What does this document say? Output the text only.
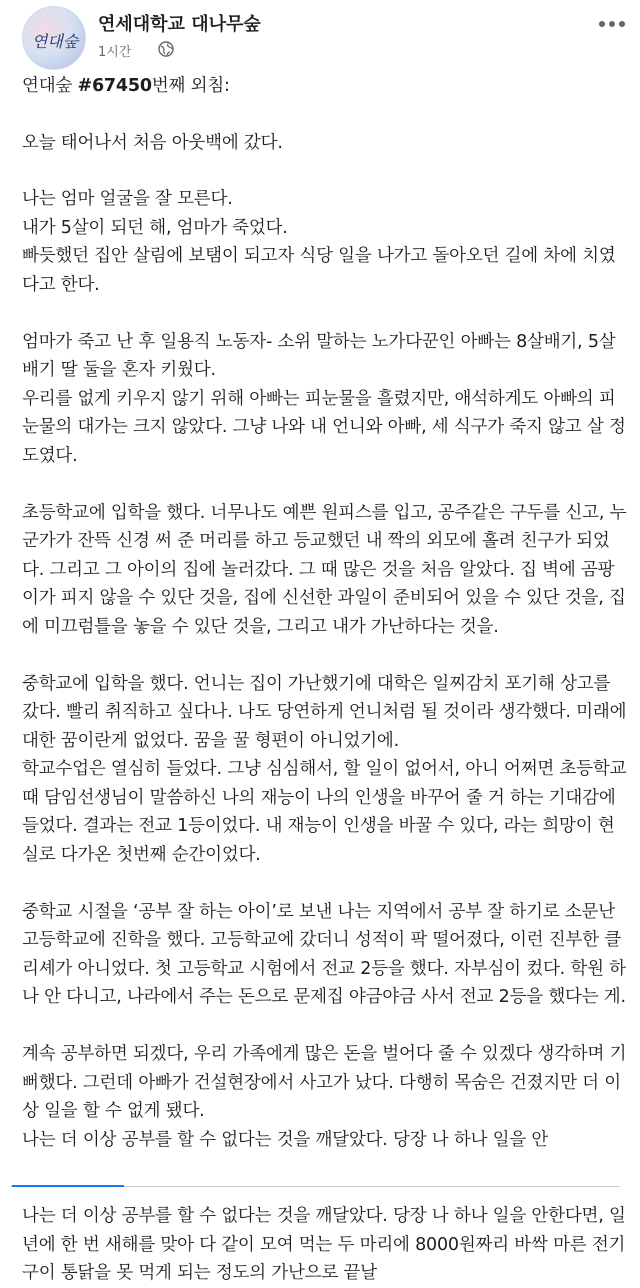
연대숲
연세대학교 대나무숲
1시간

연대숲 #67450번째 외침:

오늘 태어나서 처음 아웃백에 갔다.

나는 엄마 얼굴을 잘 모른다.
내가 5살이 되던 해, 엄마가 죽었다.
빠듯했던 집안 살림에 보탬이 되고자 식당 일을 나가고 돌아오던 길에 차에 치였다고 한다.

엄마가 죽고 난 후 일용직 노동자- 소위 말하는 노가다꾼인 아빠는 8살배기, 5살배기 딸 둘을 혼자 키웠다.
우리를 없게 키우지 않기 위해 아빠는 피눈물을 흘렸지만, 애석하게도 아빠의 피눈물의 대가는 크지 않았다. 그냥 나와 내 언니와 아빠, 세 식구가 죽지 않고 살 정도였다.

초등학교에 입학을 했다. 너무나도 예쁜 원피스를 입고, 공주같은 구두를 신고, 누군가가 잔뜩 신경 써 준 머리를 하고 등교했던 내 짝의 외모에 홀려 친구가 되었다. 그리고 그 아이의 집에 놀러갔다. 그 때 많은 것을 처음 알았다. 집 벽에 곰팡이가 피지 않을 수 있단 것을, 집에 신선한 과일이 준비되어 있을 수 있단 것을, 집에 미끄럼틀을 놓을 수 있단 것을, 그리고 내가 가난하다는 것을.

중학교에 입학을 했다. 언니는 집이 가난했기에 대학은 일찌감치 포기해 상고를 갔다. 빨리 취직하고 싶다나. 나도 당연하게 언니처럼 될 것이라 생각했다. 미래에 대한 꿈이란게 없었다. 꿈을 꿀 형편이 아니었기에.
학교수업은 열심히 들었다. 그냥 심심해서, 할 일이 없어서, 아니 어쩌면 초등학교 때 담임선생님이 말씀하신 나의 재능이 나의 인생을 바꾸어 줄 거 하는 기대감에 들었다. 결과는 전교 1등이었다. 내 재능이 인생을 바꿀 수 있다, 라는 희망이 현실로 다가온 첫번째 순간이었다.

중학교 시절을 ‘공부 잘 하는 아이’로 보낸 나는 지역에서 공부 잘 하기로 소문난 고등학교에 진학을 했다. 고등학교에 갔더니 성적이 팍 떨어졌다, 이런 진부한 클리셰가 아니었다. 첫 고등학교 시험에서 전교 2등을 했다. 자부심이 컸다. 학원 하나 안 다니고, 나라에서 주는 돈으로 문제집 야금야금 사서 전교 2등을 했다는 게.

계속 공부하면 되겠다, 우리 가족에게 많은 돈을 벌어다 줄 수 있겠다 생각하며 기뻐했다. 그런데 아빠가 건설현장에서 사고가 났다. 다행히 목숨은 건졌지만 더 이상 일을 할 수 없게 됐다.
나는 더 이상 공부를 할 수 없다는 것을 깨달았다. 당장 나 하나 일을 안

나는 더 이상 공부를 할 수 없다는 것을 깨달았다. 당장 나 하나 일을 안한다면, 일 년에 한 번 새해를 맞아 다 같이 모여 먹는 두 마리에 8000원짜리 바싹 마른 전기구이 통닭을 못 먹게 되는 정도의 가난으로 끝날
